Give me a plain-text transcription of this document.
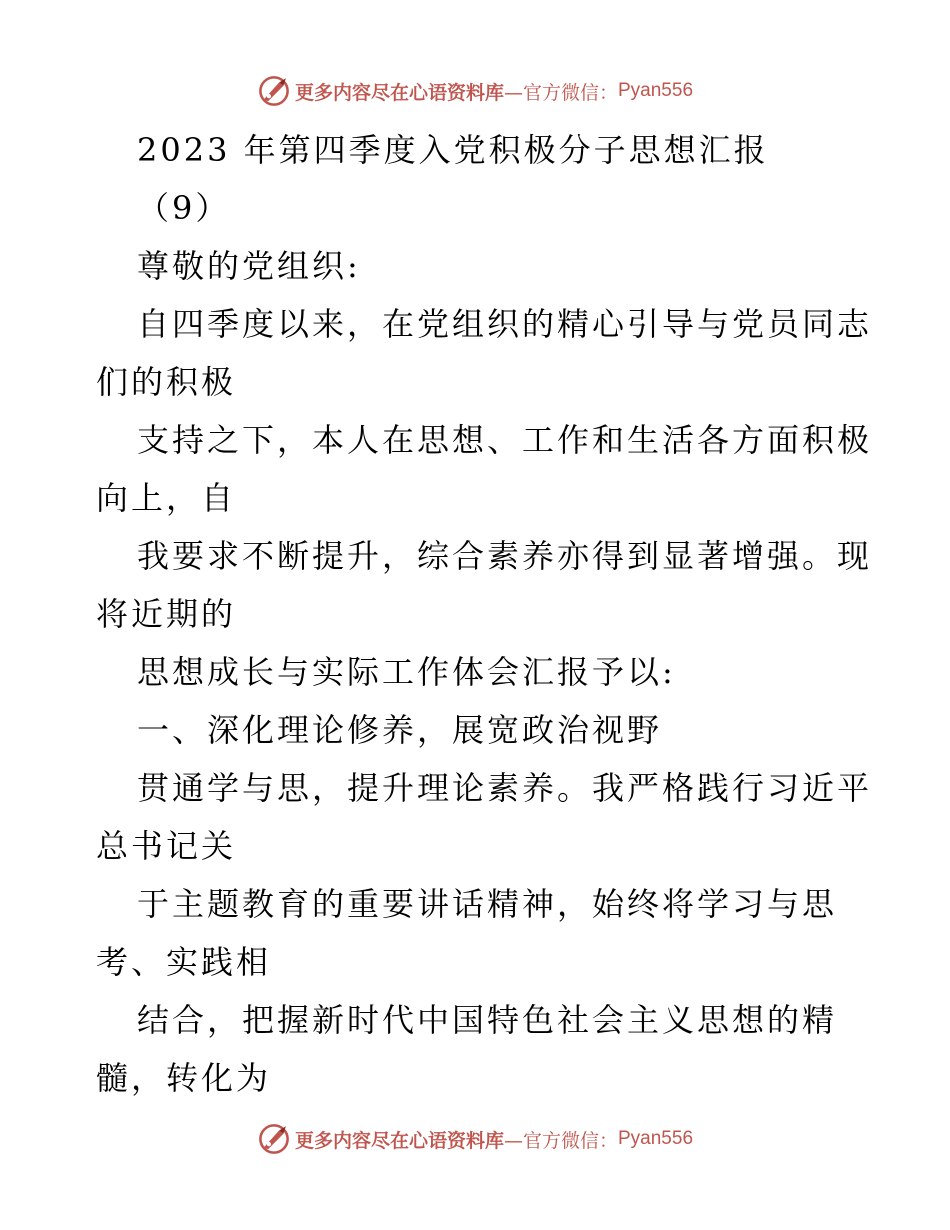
更多内容尽在心语资料库 —官方微信： Pyan556
2023 年第四季度入党积极分子思想汇报
（9）
尊敬的党组织:
自四季度以来，在党组织的精心引导与党员同志
们的积极
支持之下，本人在思想、工作和生活各方面积极
向上，自
我要求不断提升，综合素养亦得到显著增强。现
将近期的
思想成长与实际工作体会汇报予以:
一、深化理论修养，展宽政治视野
贯通学与思，提升理论素养。我严格践行习近平
总书记关
于主题教育的重要讲话精神，始终将学习与思
考、实践相
结合，把握新时代中国特色社会主义思想的精
髓，转化为
更多内容尽在心语资料库 —官方微信： Pyan556
